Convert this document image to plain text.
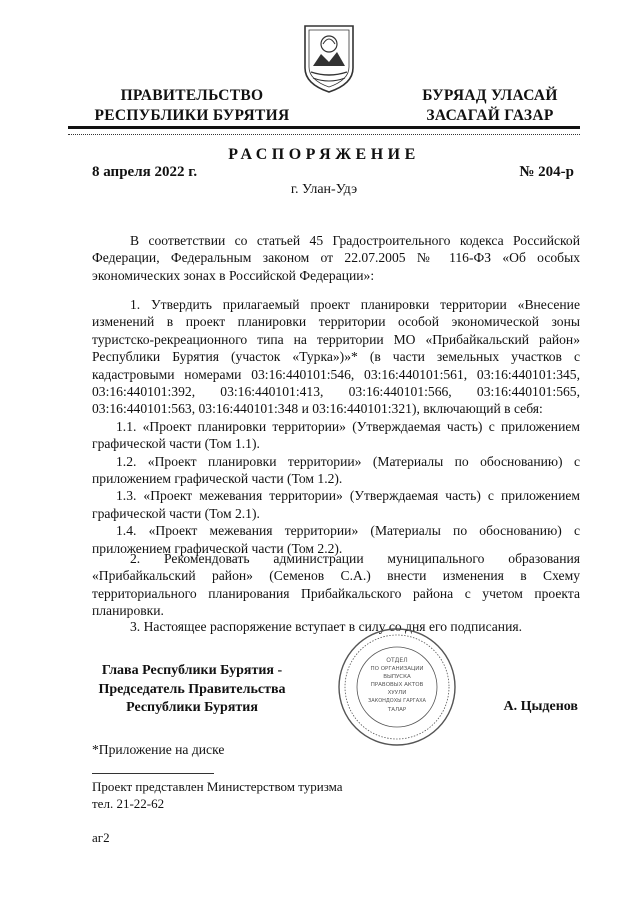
ПРАВИТЕЛЬСТВО
РЕСПУБЛИКИ БУРЯТИЯ
БУРЯАД УЛАСАЙ
ЗАСАГАЙ ГАЗАР
РАСПОРЯЖЕНИЕ
8 апреля 2022 г.	№ 204-р
г. Улан-Удэ

В соответствии со статьей 45 Градостроительного кодекса Российской Федерации, Федеральным законом от 22.07.2005 № 116-ФЗ «Об особых экономических зонах в Российской Федерации»:

1. Утвердить прилагаемый проект планировки территории «Внесение изменений в проект планировки территории особой экономической зоны туристско-рекреационного типа на территории МО «Прибайкальский район» Республики Бурятия (участок «Турка»)»* (в части земельных участков с кадастровыми номерами 03:16:440101:546, 03:16:440101:561, 03:16:440101:345, 03:16:440101:392, 03:16:440101:413, 03:16:440101:566, 03:16:440101:565, 03:16:440101:563, 03:16:440101:348 и 03:16:440101:321), включающий в себя:

1.1. «Проект планировки территории» (Утверждаемая часть) с приложением графической части (Том 1.1).

1.2. «Проект планировки территории» (Материалы по обоснованию) с приложением графической части (Том 1.2).

1.3. «Проект межевания территории» (Утверждаемая часть) с приложением графической части (Том 2.1).

1.4. «Проект межевания территории» (Материалы по обоснованию) с приложением графической части (Том 2.2).

2. Рекомендовать администрации муниципального образования «Прибайкальский район» (Семенов С.А.) внести изменения в Схему территориального планирования Прибайкальского района с учетом проекта планировки.

3. Настоящее распоряжение вступает в силу со дня его подписания.

ОТДЕЛ
ПО ОРГАНИЗАЦИИ
ВЫПУСКА
ПРАВОВЫХ АКТОВ
ХУУЛИ
ЗАКОНДОХЫ ГАРГАХА
ТАЛАР
Глава Республики Бурятия -
Председатель Правительства
Республики Бурятия	А. Цыденов
*Приложение на диске
Проект представлен Министерством туризма
тел. 21-22-62
аг2
